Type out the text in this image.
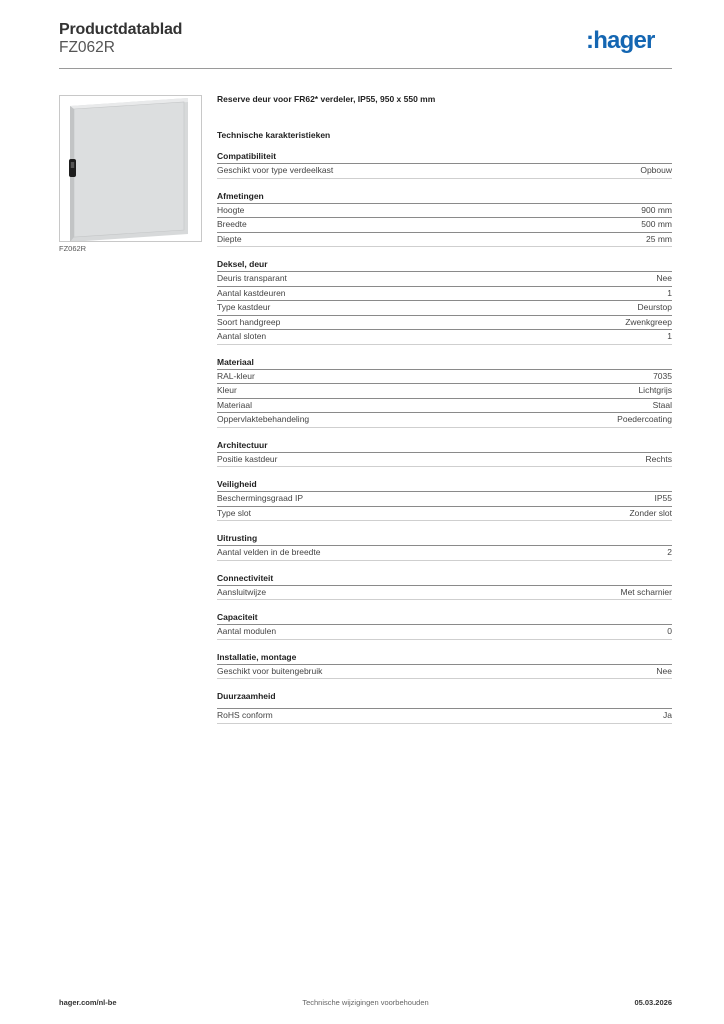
Productdatablad
FZ062R	:hager
FZ062R
Reserve deur voor FR62* verdeler, IP55, 950 x 550 mm
Technische karakteristieken
Compatibiliteit
Geschikt voor type verdeelkast	Opbouw
Afmetingen
Hoogte	900 mm
Breedte	500 mm
Diepte	25 mm
Deksel, deur
Deuris transparant	Nee
Aantal kastdeuren	1
Type kastdeur	Deurstop
Soort handgreep	Zwenkgreep
Aantal sloten	1
Materiaal
RAL-kleur	7035
Kleur	Lichtgrijs
Materiaal	Staal
Oppervlaktebehandeling	Poedercoating
Architectuur
Positie kastdeur	Rechts
Veiligheid
Beschermingsgraad IP	IP55
Type slot	Zonder slot
Uitrusting
Aantal velden in de breedte	2
Connectiviteit
Aansluitwijze	Met scharnier
Capaciteit
Aantal modulen	0
Installatie, montage
Geschikt voor buitengebruik	Nee
Duurzaamheid
RoHS conform	Ja
hager.com/nl-be	Technische wijzigingen voorbehouden	05.03.2026
